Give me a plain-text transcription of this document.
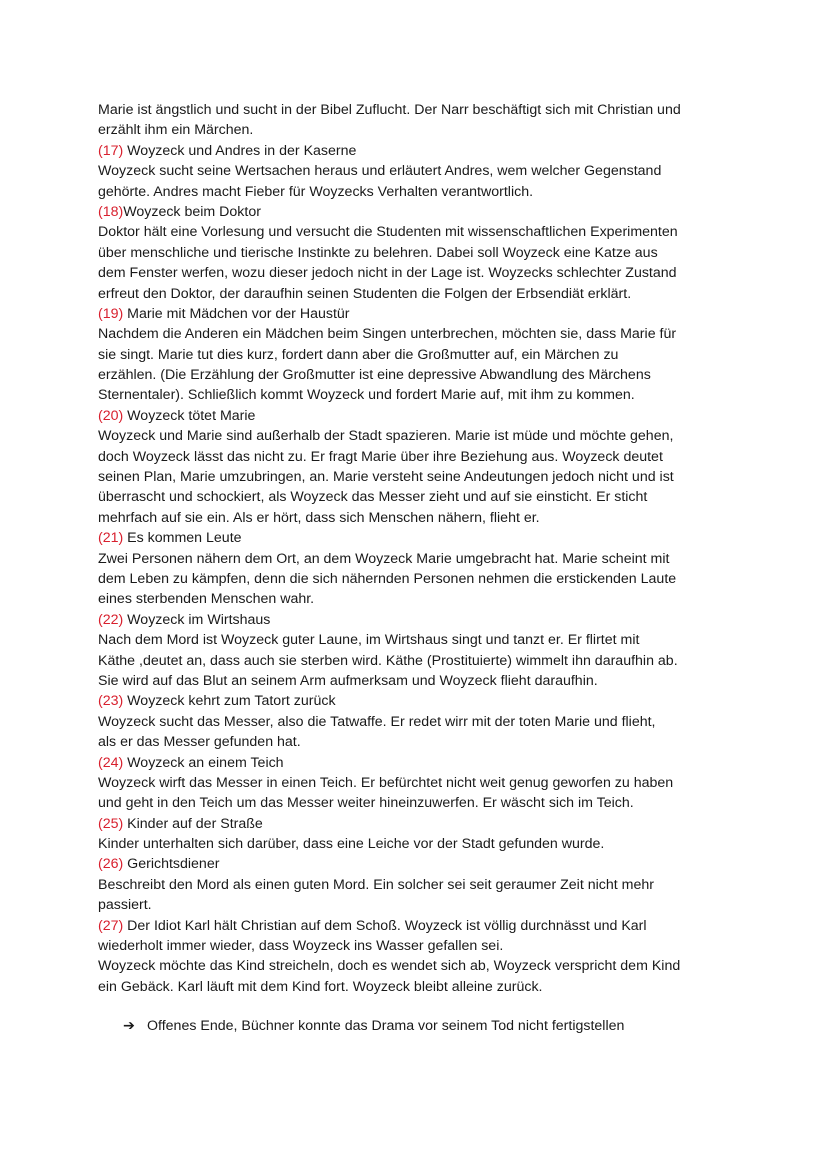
Marie ist ängstlich und sucht in der Bibel Zuflucht. Der Narr beschäftigt sich mit Christian und
erzählt ihm ein Märchen.
(17) Woyzeck und Andres in der Kaserne
Woyzeck sucht seine Wertsachen heraus und erläutert Andres, wem welcher Gegenstand
gehörte. Andres macht Fieber für Woyzecks Verhalten verantwortlich.
(18)Woyzeck beim Doktor
Doktor hält eine Vorlesung und versucht die Studenten mit wissenschaftlichen Experimenten
über menschliche und tierische Instinkte zu belehren. Dabei soll Woyzeck eine Katze aus
dem Fenster werfen, wozu dieser jedoch nicht in der Lage ist. Woyzecks schlechter Zustand
erfreut den Doktor, der daraufhin seinen Studenten die Folgen der Erbsendiät erklärt.
(19) Marie mit Mädchen vor der Haustür
Nachdem die Anderen ein Mädchen beim Singen unterbrechen, möchten sie, dass Marie für
sie singt. Marie tut dies kurz, fordert dann aber die Großmutter auf, ein Märchen zu
erzählen. (Die Erzählung der Großmutter ist eine depressive Abwandlung des Märchens
Sternentaler). Schließlich kommt Woyzeck und fordert Marie auf, mit ihm zu kommen.
(20) Woyzeck tötet Marie
Woyzeck und Marie sind außerhalb der Stadt spazieren. Marie ist müde und möchte gehen,
doch Woyzeck lässt das nicht zu. Er fragt Marie über ihre Beziehung aus. Woyzeck deutet
seinen Plan, Marie umzubringen, an. Marie versteht seine Andeutungen jedoch nicht und ist
überrascht und schockiert, als Woyzeck das Messer zieht und auf sie einsticht. Er sticht
mehrfach auf sie ein. Als er hört, dass sich Menschen nähern, flieht er.
(21) Es kommen Leute
Zwei Personen nähern dem Ort, an dem Woyzeck Marie umgebracht hat. Marie scheint mit
dem Leben zu kämpfen, denn die sich nähernden Personen nehmen die erstickenden Laute
eines sterbenden Menschen wahr.
(22) Woyzeck im Wirtshaus
Nach dem Mord ist Woyzeck guter Laune, im Wirtshaus singt und tanzt er. Er flirtet mit
Käthe ,deutet an, dass auch sie sterben wird. Käthe (Prostituierte) wimmelt ihn daraufhin ab.
Sie wird auf das Blut an seinem Arm aufmerksam und Woyzeck flieht daraufhin.
(23) Woyzeck kehrt zum Tatort zurück
Woyzeck sucht das Messer, also die Tatwaffe. Er redet wirr mit der toten Marie und flieht,
als er das Messer gefunden hat.
(24) Woyzeck an einem Teich
Woyzeck wirft das Messer in einen Teich. Er befürchtet nicht weit genug geworfen zu haben
und geht in den Teich um das Messer weiter hineinzuwerfen. Er wäscht sich im Teich.
(25) Kinder auf der Straße
Kinder unterhalten sich darüber, dass eine Leiche vor der Stadt gefunden wurde.
(26) Gerichtsdiener
Beschreibt den Mord als einen guten Mord. Ein solcher sei seit geraumer Zeit nicht mehr
passiert.
(27) Der Idiot Karl hält Christian auf dem Schoß. Woyzeck ist völlig durchnässt und Karl
wiederholt immer wieder, dass Woyzeck ins Wasser gefallen sei.
Woyzeck möchte das Kind streicheln, doch es wendet sich ab, Woyzeck verspricht dem Kind
ein Gebäck. Karl läuft mit dem Kind fort. Woyzeck bleibt alleine zurück.
➔ Offenes Ende, Büchner konnte das Drama vor seinem Tod nicht fertigstellen
